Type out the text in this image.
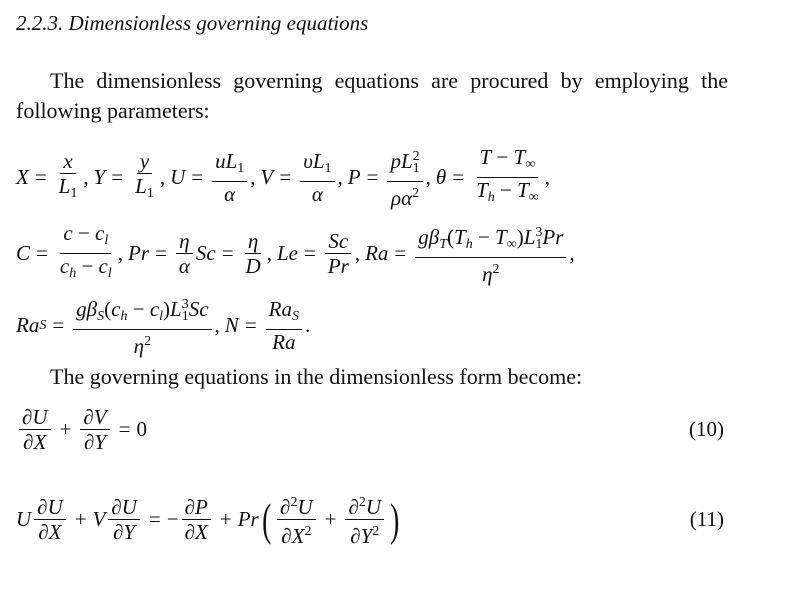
2.2.3. Dimensionless governing equations

The dimensionless governing equations are procured by employing the following parameters:

$X = \frac{x}{L_1}$ , $Y = \frac{y}{L_1}$ , $U = \frac{uL_1}{\alpha}$ , $V = \frac{\upsilon L_1}{\alpha}$ , $P = \frac{pL^2_1}{\rho\alpha^2}$ , $\theta = \frac{T - T_\infty}{T_h - T_\infty}$ ,
$C = \frac{c - c_l}{c_h - c_l}$ , $Pr = \frac{\eta}{\alpha}$ $Sc = \frac{\eta}{D}$ , $Le = \frac{Sc}{Pr}$ , $Ra = \frac{g\beta_T(T_h - T_\infty)L^3_1Pr}{\eta^2}$ ,
Ra $S = \frac{g\beta_S(c_h - c_l)L^3_1Sc}{\eta^2}$ , $N = \frac{Ra_S}{Ra}$ .

The governing equations in the dimensionless form become:

$\frac{\partial U}{\partial X} + \frac{\partial V}{\partial Y} = 0$	(10)
U $\frac{\partial U}{\partial X} + V \frac{\partial U}{\partial Y}$ = − $\frac{\partial P}{\partial X} + Pr$ ( $\frac{\partial^2U}{\partial X^2} + \frac{\partial^2U}{\partial Y^2}$ )	(11)
